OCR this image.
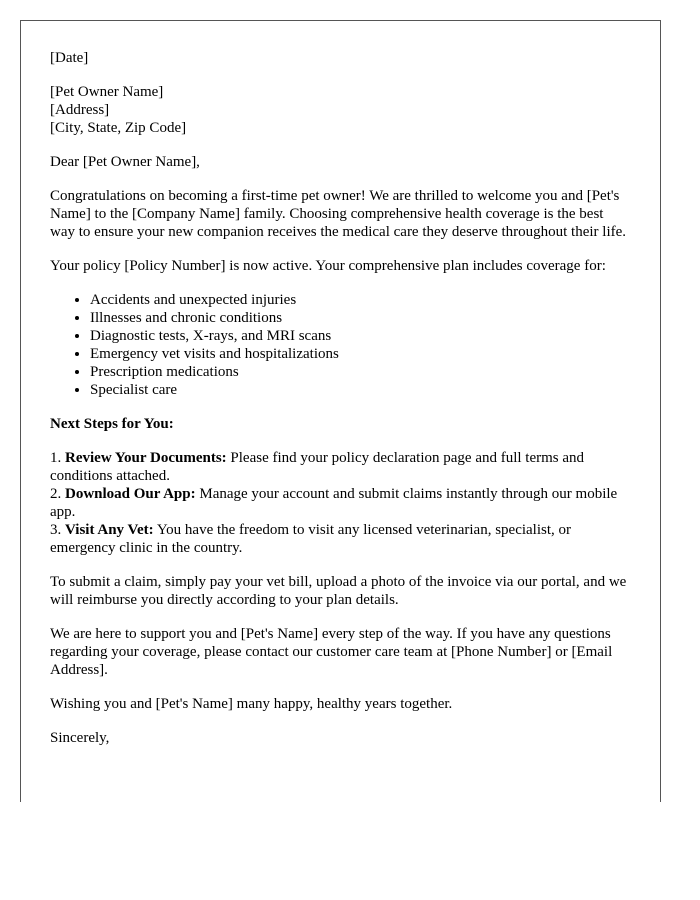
[Date]

[Pet Owner Name]
[Address]
[City, State, Zip Code]

Dear [Pet Owner Name],

Congratulations on becoming a first-time pet owner! We are thrilled to welcome you and [Pet's Name] to the [Company Name] family. Choosing comprehensive health coverage is the best way to ensure your new companion receives the medical care they deserve throughout their life.

Your policy [Policy Number] is now active. Your comprehensive plan includes coverage for:

• Accidents and unexpected injuries
• Illnesses and chronic conditions
• Diagnostic tests, X-rays, and MRI scans
• Emergency vet visits and hospitalizations
• Prescription medications
• Specialist care

Next Steps for You:

1. Review Your Documents: Please find your policy declaration page and full terms and conditions attached.
2. Download Our App: Manage your account and submit claims instantly through our mobile app.
3. Visit Any Vet: You have the freedom to visit any licensed veterinarian, specialist, or emergency clinic in the country.

To submit a claim, simply pay your vet bill, upload a photo of the invoice via our portal, and we will reimburse you directly according to your plan details.

We are here to support you and [Pet's Name] every step of the way. If you have any questions regarding your coverage, please contact our customer care team at [Phone Number] or [Email Address].

Wishing you and [Pet's Name] many happy, healthy years together.

Sincerely,
